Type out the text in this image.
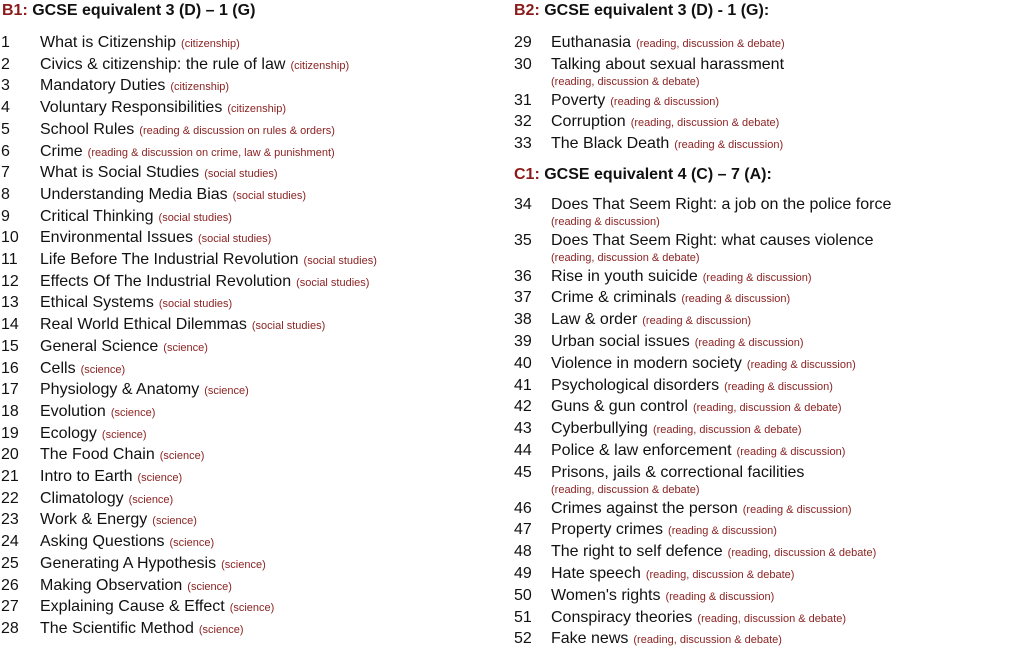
B1: GCSE equivalent 3 (D) – 1 (G)
1	What is Citizenship (citizenship)
2	Civics & citizenship: the rule of law (citizenship)
3	Mandatory Duties (citizenship)
4	Voluntary Responsibilities (citizenship)
5	School Rules (reading & discussion on rules & orders)
6	Crime (reading & discussion on crime, law & punishment)
7	What is Social Studies (social studies)
8	Understanding Media Bias (social studies)
9	Critical Thinking (social studies)
10	Environmental Issues (social studies)
11	Life Before The Industrial Revolution (social studies)
12	Effects Of The Industrial Revolution (social studies)
13	Ethical Systems (social studies)
14	Real World Ethical Dilemmas (social studies)
15	General Science (science)
16	Cells (science)
17	Physiology & Anatomy (science)
18	Evolution (science)
19	Ecology (science)
20	The Food Chain (science)
21	Intro to Earth (science)
22	Climatology (science)
23	Work & Energy (science)
24	Asking Questions (science)
25	Generating A Hypothesis (science)
26	Making Observation (science)
27	Explaining Cause & Effect (science)
28	The Scientific Method (science)
B2: GCSE equivalent 3 (D) - 1 (G):
29	Euthanasia (reading, discussion & debate)
30	Talking about sexual harassment
(reading, discussion & debate)
31	Poverty (reading & discussion)
32	Corruption (reading, discussion & debate)
33	The Black Death (reading & discussion)
C1: GCSE equivalent 4 (C) – 7 (A):
34	Does That Seem Right: a job on the police force
(reading & discussion)
35	Does That Seem Right: what causes violence
(reading, discussion & debate)
36	Rise in youth suicide (reading & discussion)
37	Crime & criminals (reading & discussion)
38	Law & order (reading & discussion)
39	Urban social issues (reading & discussion)
40	Violence in modern society (reading & discussion)
41	Psychological disorders (reading & discussion)
42	Guns & gun control (reading, discussion & debate)
43	Cyberbullying (reading, discussion & debate)
44	Police & law enforcement (reading & discussion)
45	Prisons, jails & correctional facilities
(reading, discussion & debate)
46	Crimes against the person (reading & discussion)
47	Property crimes (reading & discussion)
48	The right to self defence (reading, discussion & debate)
49	Hate speech (reading, discussion & debate)
50	Women's rights (reading & discussion)
51	Conspiracy theories (reading, discussion & debate)
52	Fake news (reading, discussion & debate)
